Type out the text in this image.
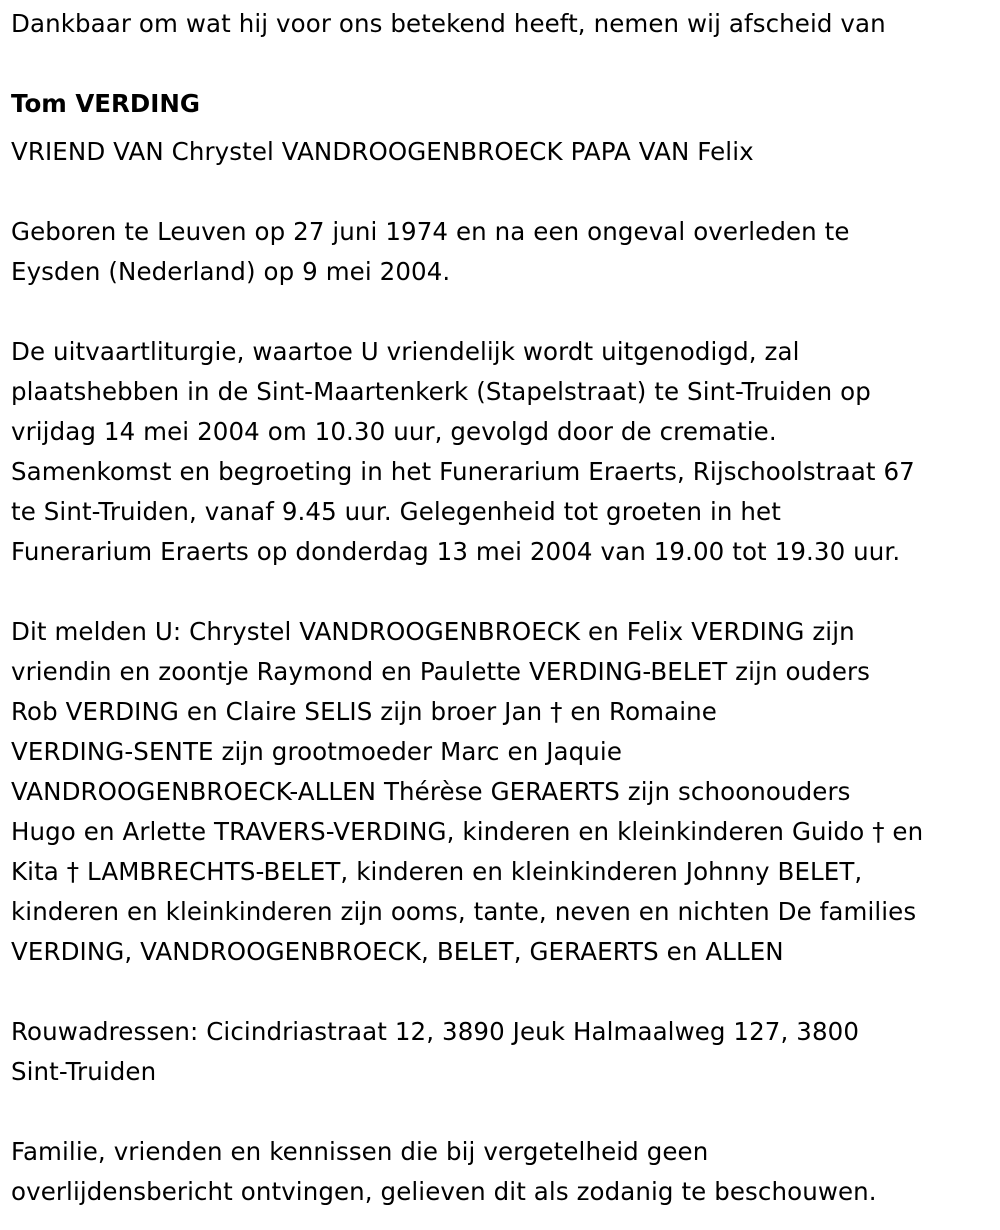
Dankbaar om wat hij voor ons betekend heeft, nemen wij afscheid van

Tom VERDING

VRIEND VAN Chrystel VANDROOGENBROECK PAPA VAN Felix

Geboren te Leuven op 27 juni 1974 en na een ongeval overleden te

Eysden (Nederland) op 9 mei 2004.

De uitvaartliturgie, waartoe U vriendelijk wordt uitgenodigd, zal

plaatshebben in de Sint-Maartenkerk (Stapelstraat) te Sint-Truiden op

vrijdag 14 mei 2004 om 10.30 uur, gevolgd door de crematie.

Samenkomst en begroeting in het Funerarium Eraerts, Rijschoolstraat 67

te Sint-Truiden, vanaf 9.45 uur. Gelegenheid tot groeten in het

Funerarium Eraerts op donderdag 13 mei 2004 van 19.00 tot 19.30 uur.

Dit melden U: Chrystel VANDROOGENBROECK en Felix VERDING zijn

vriendin en zoontje Raymond en Paulette VERDING-BELET zijn ouders

Rob VERDING en Claire SELIS zijn broer Jan † en Romaine

VERDING-SENTE zijn grootmoeder Marc en Jaquie

VANDROOGENBROECK-ALLEN Thérèse GERAERTS zijn schoonouders

Hugo en Arlette TRAVERS-VERDING, kinderen en kleinkinderen Guido † en

Kita † LAMBRECHTS-BELET, kinderen en kleinkinderen Johnny BELET,

kinderen en kleinkinderen zijn ooms, tante, neven en nichten De families

VERDING, VANDROOGENBROECK, BELET, GERAERTS en ALLEN

Rouwadressen: Cicindriastraat 12, 3890 Jeuk Halmaalweg 127, 3800

Sint-Truiden

Familie, vrienden en kennissen die bij vergetelheid geen

overlijdensbericht ontvingen, gelieven dit als zodanig te beschouwen.
